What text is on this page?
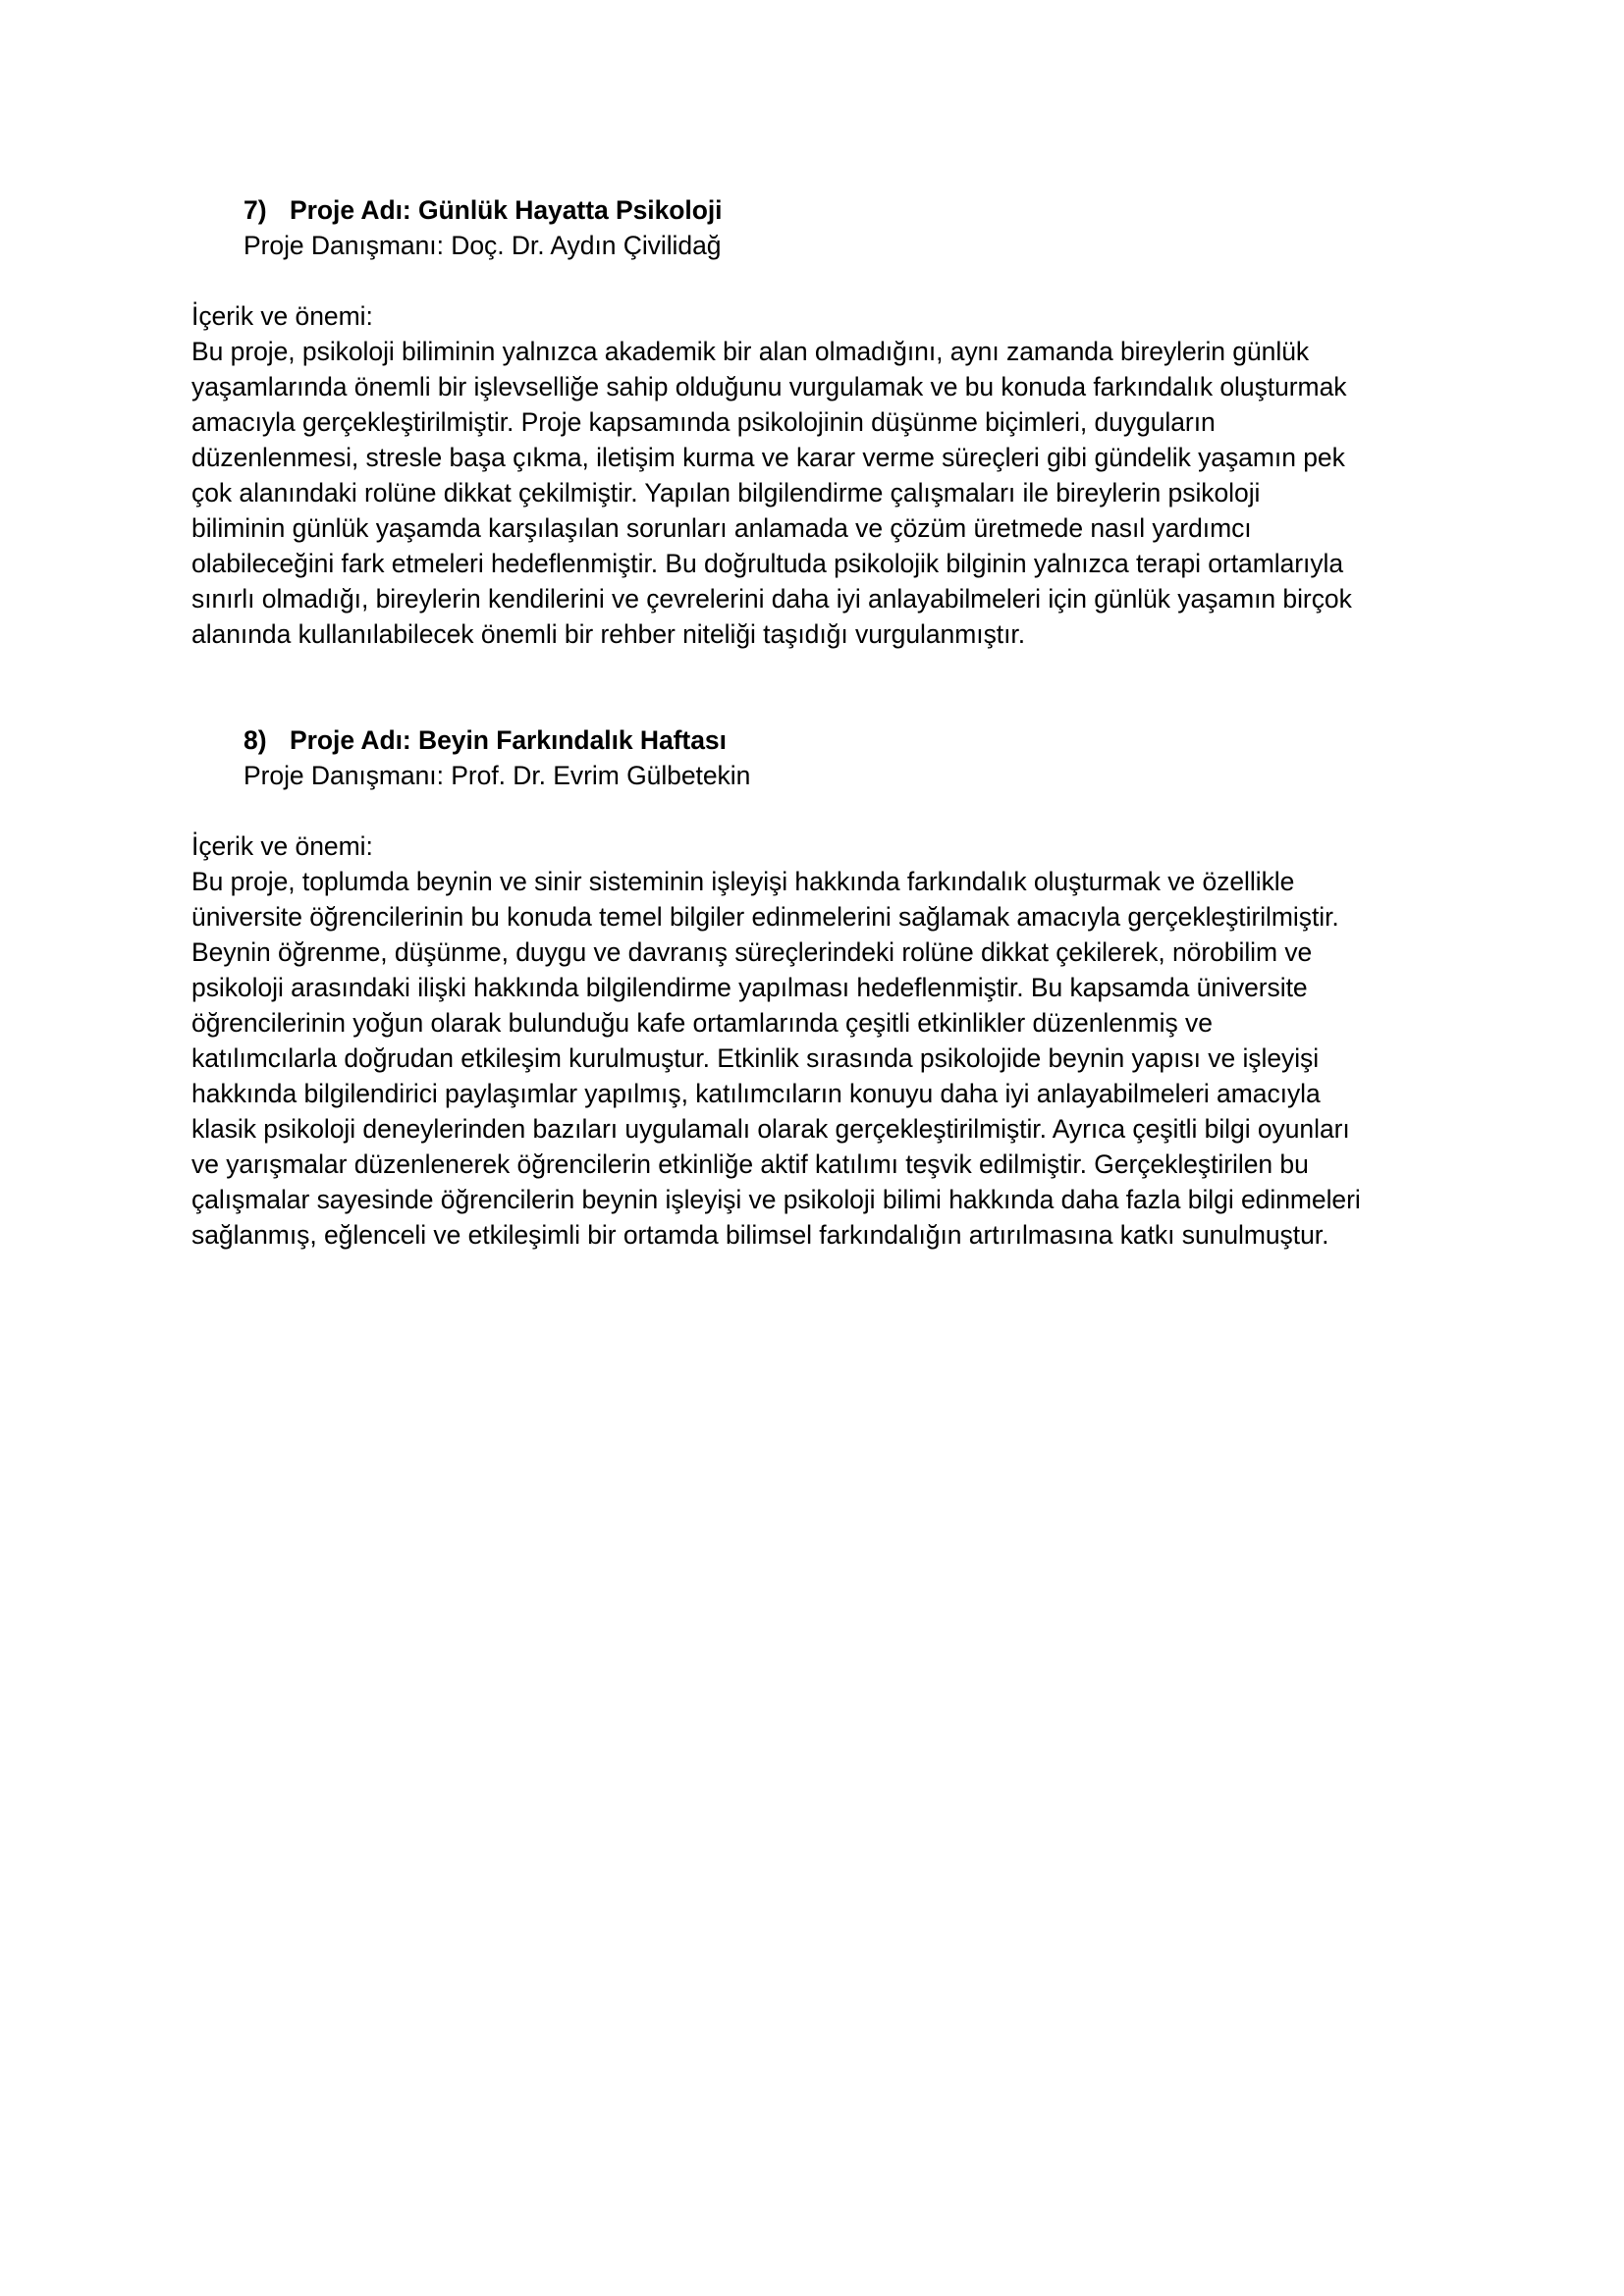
7) Proje Adı: Günlük Hayatta Psikoloji
Proje Danışmanı: Doç. Dr. Aydın Çivilidağ
İçerik ve önemi:
Bu proje, psikoloji biliminin yalnızca akademik bir alan olmadığını, aynı zamanda bireylerin günlük
yaşamlarında önemli bir işlevselliğe sahip olduğunu vurgulamak ve bu konuda farkındalık oluşturmak
amacıyla gerçekleştirilmiştir. Proje kapsamında psikolojinin düşünme biçimleri, duyguların
düzenlenmesi, stresle başa çıkma, iletişim kurma ve karar verme süreçleri gibi gündelik yaşamın pek
çok alanındaki rolüne dikkat çekilmiştir. Yapılan bilgilendirme çalışmaları ile bireylerin psikoloji
biliminin günlük yaşamda karşılaşılan sorunları anlamada ve çözüm üretmede nasıl yardımcı
olabileceğini fark etmeleri hedeflenmiştir. Bu doğrultuda psikolojik bilginin yalnızca terapi ortamlarıyla
sınırlı olmadığı, bireylerin kendilerini ve çevrelerini daha iyi anlayabilmeleri için günlük yaşamın birçok
alanında kullanılabilecek önemli bir rehber niteliği taşıdığı vurgulanmıştır.
8) Proje Adı: Beyin Farkındalık Haftası
Proje Danışmanı: Prof. Dr. Evrim Gülbetekin
İçerik ve önemi:
Bu proje, toplumda beynin ve sinir sisteminin işleyişi hakkında farkındalık oluşturmak ve özellikle
üniversite öğrencilerinin bu konuda temel bilgiler edinmelerini sağlamak amacıyla gerçekleştirilmiştir.
Beynin öğrenme, düşünme, duygu ve davranış süreçlerindeki rolüne dikkat çekilerek, nörobilim ve
psikoloji arasındaki ilişki hakkında bilgilendirme yapılması hedeflenmiştir. Bu kapsamda üniversite
öğrencilerinin yoğun olarak bulunduğu kafe ortamlarında çeşitli etkinlikler düzenlenmiş ve
katılımcılarla doğrudan etkileşim kurulmuştur. Etkinlik sırasında psikolojide beynin yapısı ve işleyişi
hakkında bilgilendirici paylaşımlar yapılmış, katılımcıların konuyu daha iyi anlayabilmeleri amacıyla
klasik psikoloji deneylerinden bazıları uygulamalı olarak gerçekleştirilmiştir. Ayrıca çeşitli bilgi oyunları
ve yarışmalar düzenlenerek öğrencilerin etkinliğe aktif katılımı teşvik edilmiştir. Gerçekleştirilen bu
çalışmalar sayesinde öğrencilerin beynin işleyişi ve psikoloji bilimi hakkında daha fazla bilgi edinmeleri
sağlanmış, eğlenceli ve etkileşimli bir ortamda bilimsel farkındalığın artırılmasına katkı sunulmuştur.
